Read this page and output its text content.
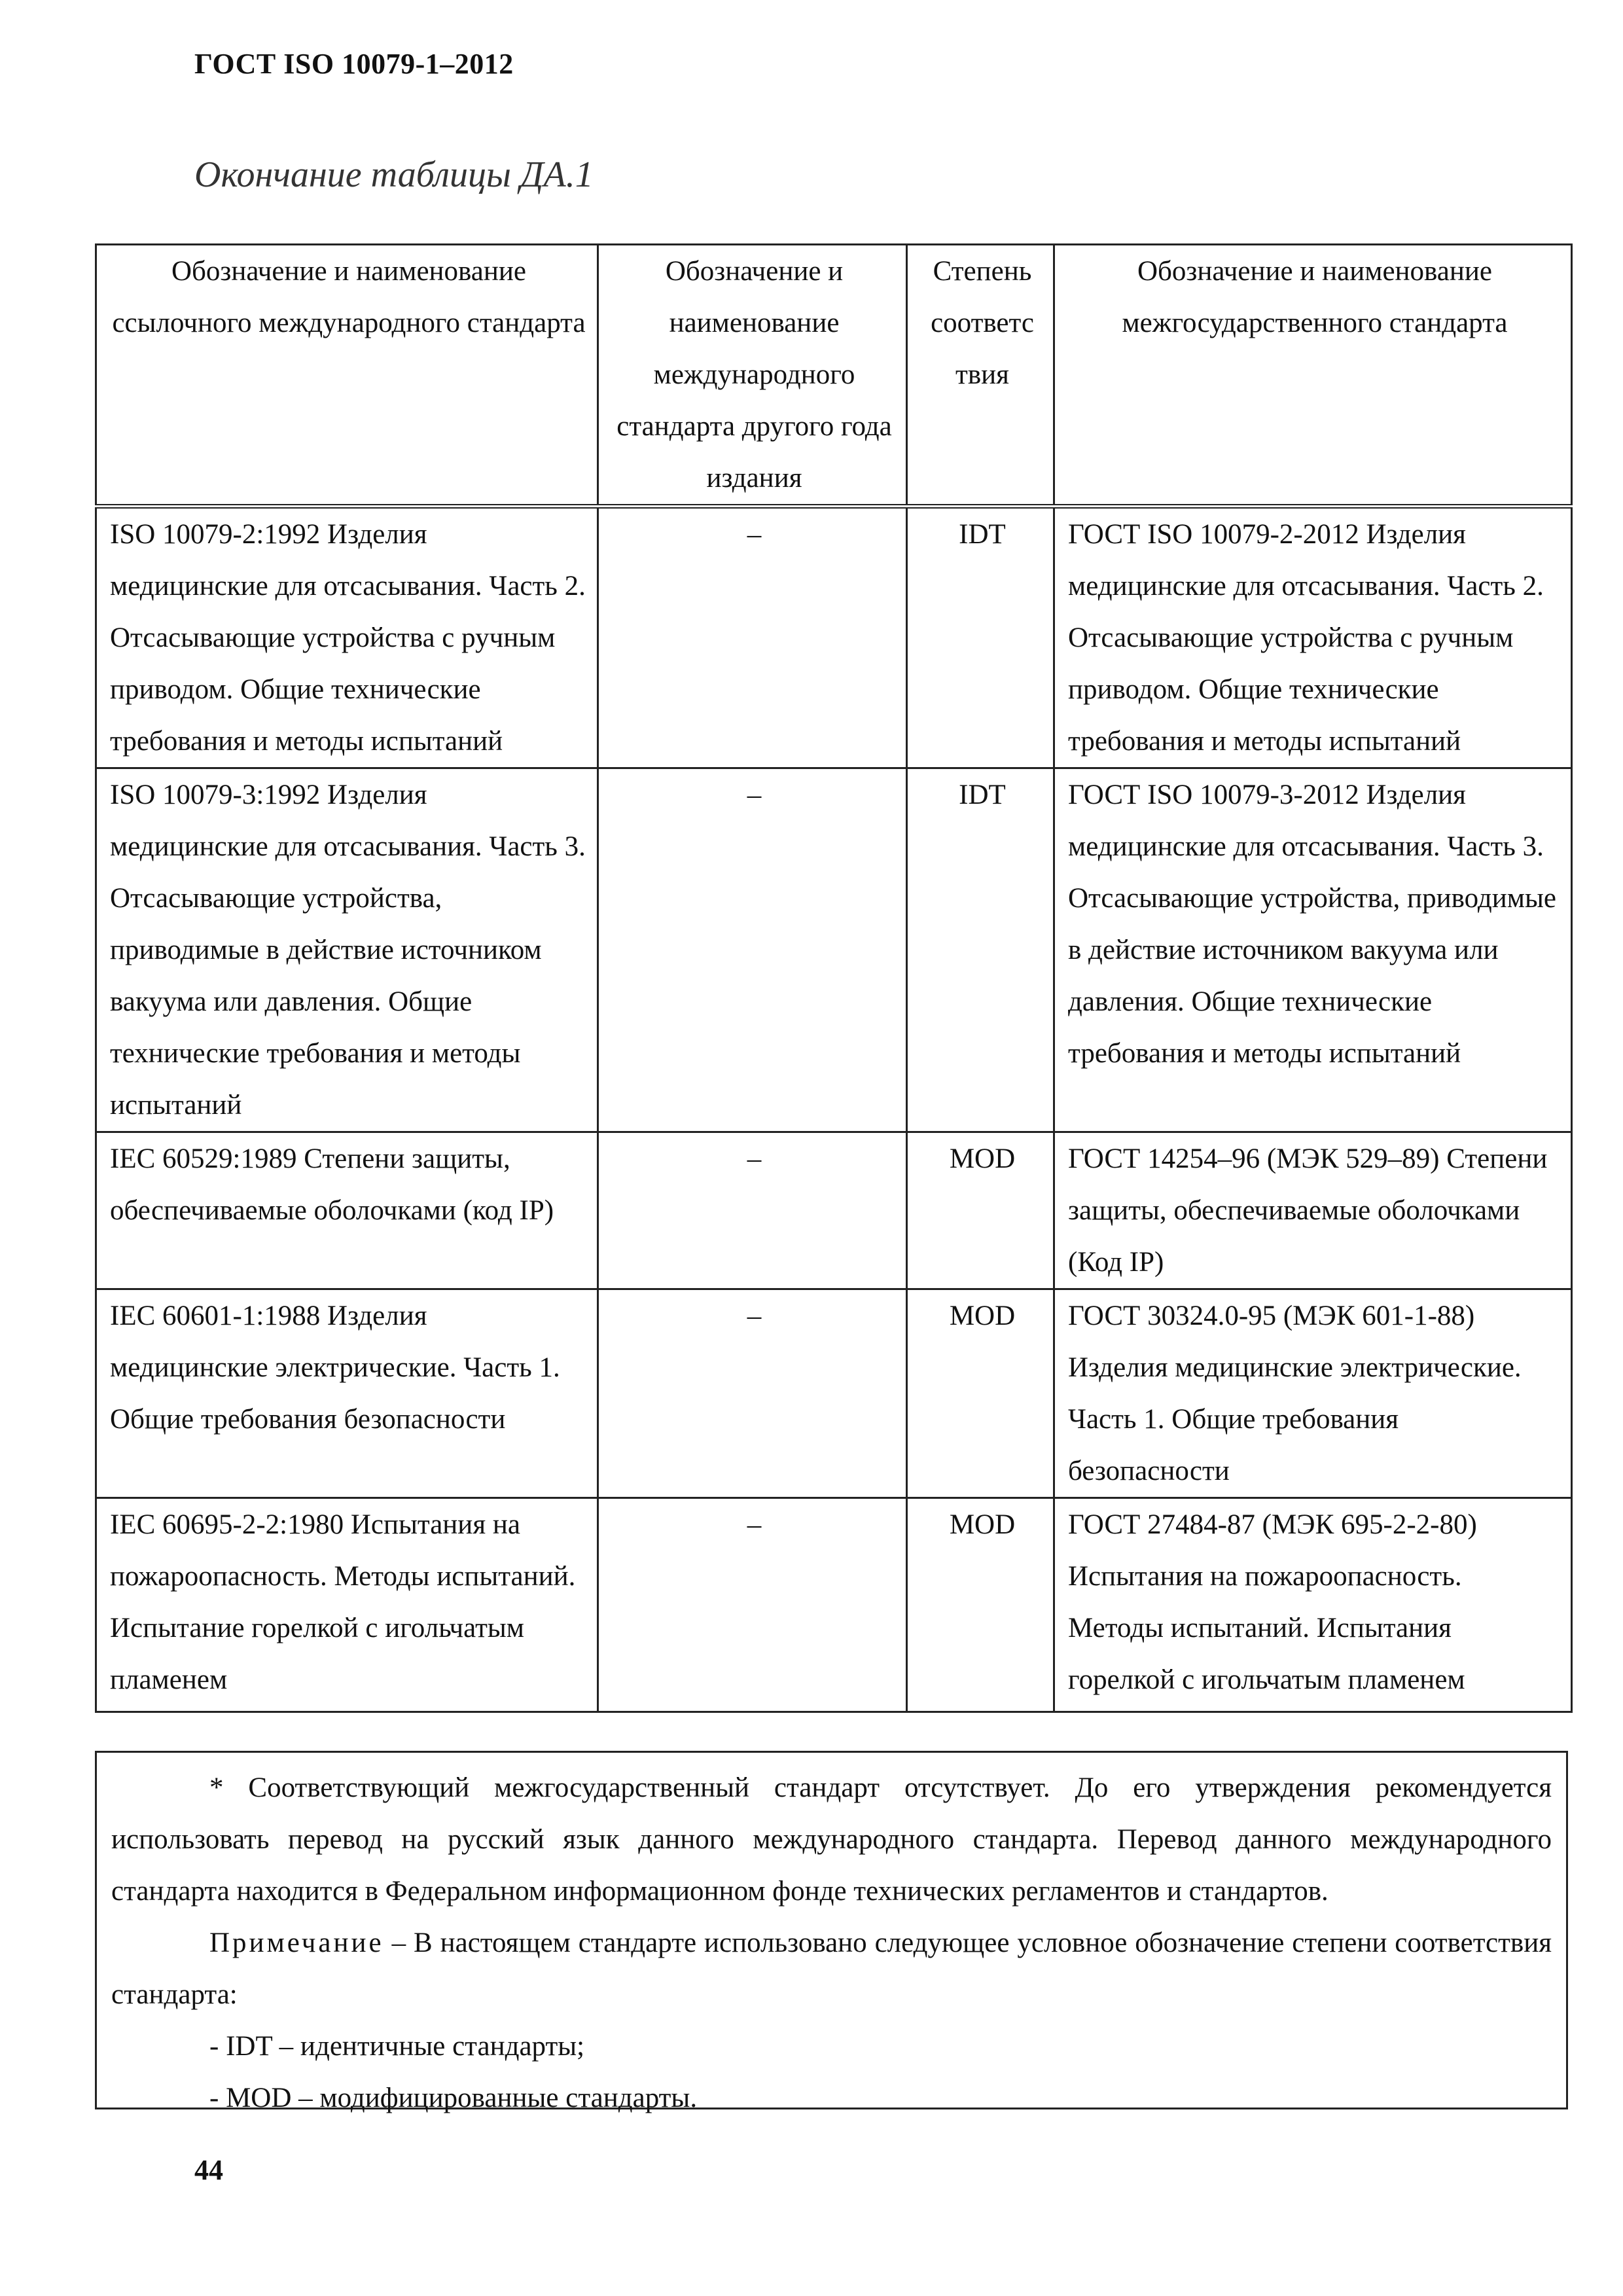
ГОСТ ISO 10079-1–2012
Окончание таблицы ДА.1
Обозначение и наименование ссылочного международного стандарта	Обозначение и наименование международного стандарта другого года издания	Степень соответс твия	Обозначение и наименование межгосударственного стандарта
ISO 10079-2:1992 Изделия медицинские для отсасывания. Часть 2. Отсасывающие устройства с ручным приводом. Общие технические требования и методы испытаний	–	IDT	ГОСТ ISO 10079-2-2012 Изделия медицинские для отсасывания. Часть 2. Отсасывающие устройства с ручным приводом. Общие технические требования и методы испытаний
ISO 10079-3:1992 Изделия медицинские для отсасывания. Часть 3. Отсасывающие устройства, приводимые в действие источником вакуума или давления. Общие технические требования и методы испытаний	–	IDT	ГОСТ ISO 10079-3-2012 Изделия медицинские для отсасывания. Часть 3. Отсасывающие устройства, приводимые в действие источником вакуума или давления. Общие технические требования и методы испытаний
IEC 60529:1989 Степени защиты, обеспечиваемые оболочками (код IP)	–	MOD	ГОСТ 14254–96 (МЭК 529–89) Степени защиты, обеспечиваемые оболочками (Код IP)
IEC 60601-1:1988 Изделия медицинские электрические. Часть 1. Общие требования безопасности	–	MOD	ГОСТ 30324.0-95 (МЭК 601-1-88) Изделия медицинские электрические. Часть 1. Общие требования безопасности
IEC 60695-2-2:1980 Испытания на пожароопасность. Методы испытаний. Испытание горелкой с игольчатым пламенем	–	MOD	ГОСТ 27484-87 (МЭК 695-2-2-80) Испытания на пожароопасность. Методы испытаний. Испытания горелкой с игольчатым пламенем

* Соответствующий межгосударственный стандарт отсутствует. До его утверждения рекомендуется использовать перевод на русский язык данного международного стандарта. Перевод данного международного стандарта находится в Федеральном информационном фонде технических регламентов и стандартов.

Примечание – В настоящем стандарте использовано следующее условное обозначение степени соответствия стандарта:

- IDT – идентичные стандарты;

- MOD – модифицированные стандарты.

44
